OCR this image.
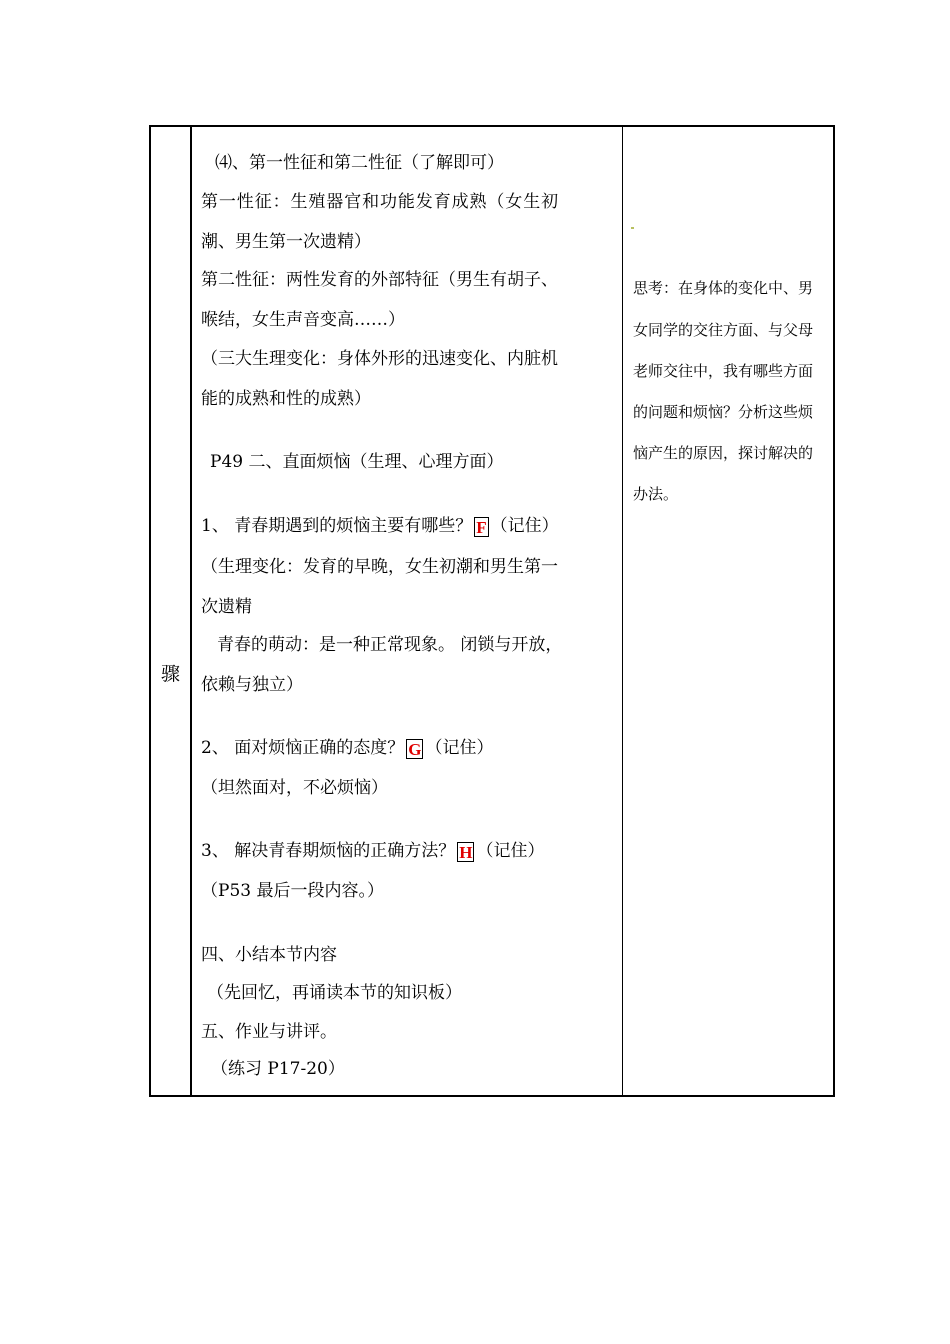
骤
⑷、第一性征和第二性征（了解即可）
第一性征：生殖器官和功能发育成熟（女生初
潮、男生第一次遗精）
第二性征：两性发育的外部特征（男生有胡子、
喉结，女生声音变高……）
（三大生理变化：身体外形的迅速变化、内脏机
能的成熟和性的成熟）
P49 二、直面烦恼（生理、心理方面）
1、 青春期遇到的烦恼主要有哪些？ F （记住）
（生理变化：发育的早晚，女生初潮和男生第一
次遗精
青春的萌动：是一种正常现象。 闭锁与开放，
依赖与独立）
2、 面对烦恼正确的态度？ G （记住）
（坦然面对，不必烦恼）
3、 解决青春期烦恼的正确方法？ H （记住）
（P53 最后一段内容。）
四、小结本节内容
（先回忆，再诵读本节的知识板）
五、作业与讲评。
（练习 P17-20）
思考：在身体的变化中、男
女同学的交往方面、与父母
老师交往中，我有哪些方面
的问题和烦恼？分析这些烦
恼产生的原因，探讨解决的
办法。
